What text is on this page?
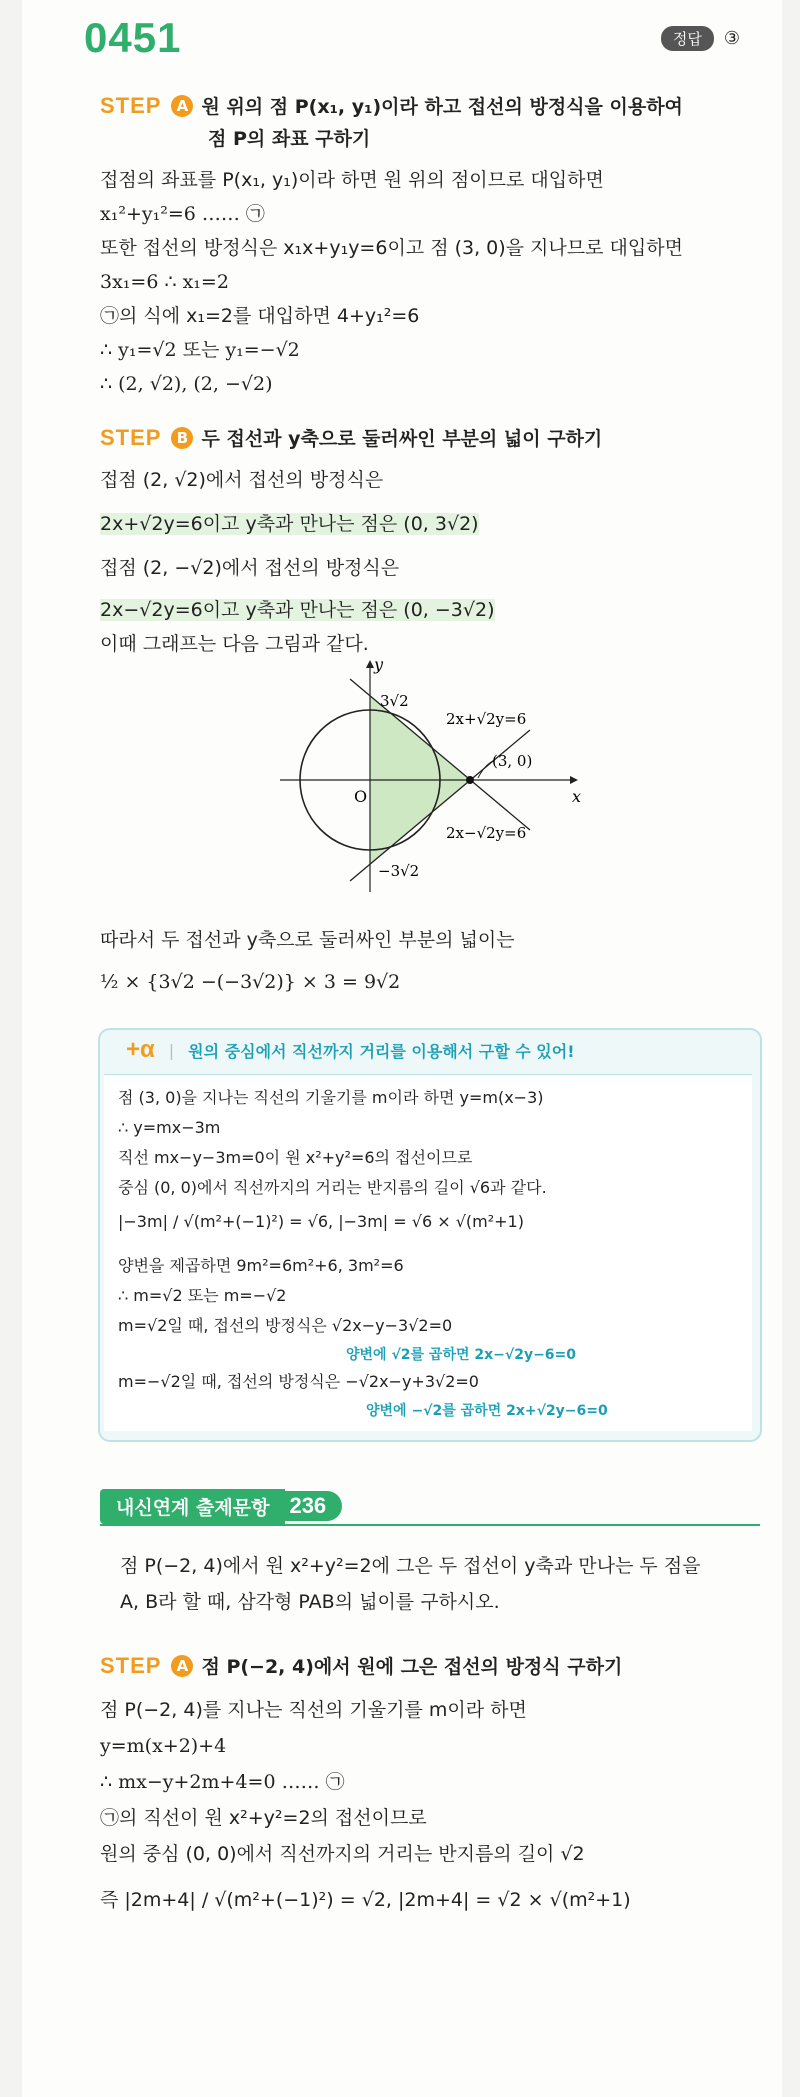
0451	정답	③
STEP	A 원 위의 점 P(x₁, y₁)이라 하고 접선의 방정식을 이용하여
점 P의 좌표 구하기
접점의 좌표를 P(x₁, y₁)이라 하면 원 위의 점이므로 대입하면
x₁²+y₁²=6 …… ㉠
또한 접선의 방정식은 x₁x+y₁y=6이고 점 (3, 0)을 지나므로 대입하면
3x₁=6 ∴ x₁=2
㉠의 식에 x₁=2를 대입하면 4+y₁²=6
∴ y₁=√2 또는 y₁=−√2
∴ (2, √2), (2, −√2)
STEP	B 두 접선과 y축으로 둘러싸인 부분의 넓이 구하기
접점 (2, √2)에서 접선의 방정식은
2x+√2y=6이고 y축과 만나는 점은 (0, 3√2)
접점 (2, −√2)에서 접선의 방정식은
2x−√2y=6이고 y축과 만나는 점은 (0, −3√2)
이때 그래프는 다음 그림과 같다.
y
x
O
3√2
−3√2
2x+√2y=6
2x−√2y=6
(3, 0)
따라서 두 접선과 y축으로 둘러싸인 부분의 넓이는
½ × {3√2 −(−3√2)} × 3 = 9√2
+α | 원의 중심에서 직선까지 거리를 이용해서 구할 수 있어!
점 (3, 0)을 지나는 직선의 기울기를 m이라 하면 y=m(x−3)
∴ y=mx−3m
직선 mx−y−3m=0이 원 x²+y²=6의 접선이므로
중심 (0, 0)에서 직선까지의 거리는 반지름의 길이 √6과 같다.
|−3m| / √(m²+(−1)²) = √6, |−3m| = √6 × √(m²+1)
양변을 제곱하면 9m²=6m²+6, 3m²=6
∴ m=√2 또는 m=−√2
m=√2일 때, 접선의 방정식은 √2x−y−3√2=0
양변에 √2를 곱하면 2x−√2y−6=0
m=−√2일 때, 접선의 방정식은 −√2x−y+3√2=0
양변에 −√2를 곱하면 2x+√2y−6=0
내신연계 출제문항 236
점 P(−2, 4)에서 원 x²+y²=2에 그은 두 접선이 y축과 만나는 두 점을
A, B라 할 때, 삼각형 PAB의 넓이를 구하시오.
STEP	A 점 P(−2, 4)에서 원에 그은 접선의 방정식 구하기
점 P(−2, 4)를 지나는 직선의 기울기를 m이라 하면
y=m(x+2)+4
∴ mx−y+2m+4=0 …… ㉠
㉠의 직선이 원 x²+y²=2의 접선이므로
원의 중심 (0, 0)에서 직선까지의 거리는 반지름의 길이 √2
즉 |2m+4| / √(m²+(−1)²) = √2, |2m+4| = √2 × √(m²+1)
